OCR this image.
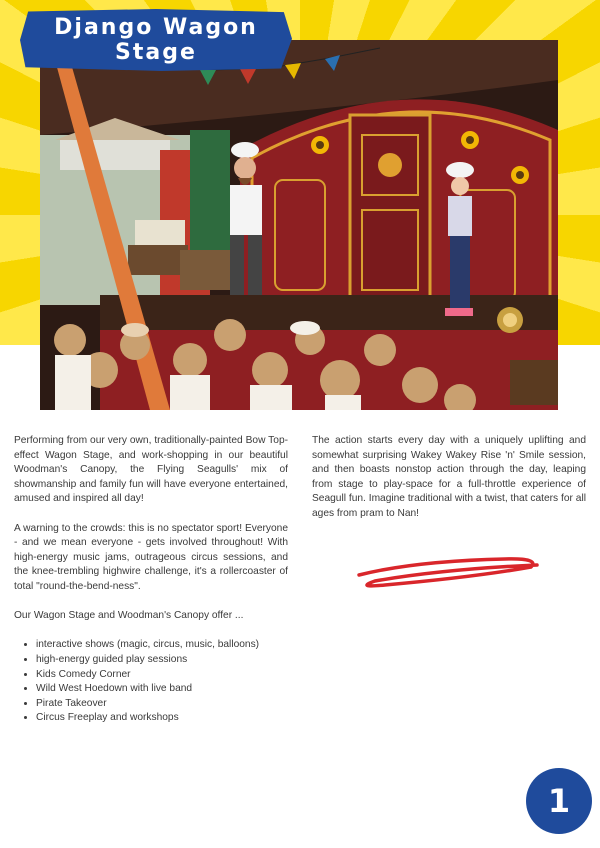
Django Wagon
Stage

Performing from our very own, traditionally-painted Bow Top-effect Wagon Stage, and work-shopping in our beautiful Woodman's Canopy, the Flying Seagulls' mix of showmanship and family fun will have everyone entertained, amused and inspired all day!

A warning to the crowds: this is no spectator sport! Everyone - and we mean everyone - gets involved throughout! With high-energy music jams, outrageous circus sessions, and the knee-trembling highwire challenge, it's a rollercoaster of total "round-the-bend-ness".

Our Wagon Stage and Woodman's Canopy offer ...

• interactive shows (magic, circus, music, balloons)
• high-energy guided play sessions
• Kids Comedy Corner
• Wild West Hoedown with live band
• Pirate Takeover
• Circus Freeplay and workshops

The action starts every day with a uniquely uplifting and somewhat surprising Wakey Wakey Rise 'n' Smile session, and then boasts nonstop action through the day, leaping from stage to play-space for a full-throttle experience of Seagull fun. Imagine traditional with a twist, that caters for all ages from pram to Nan!

1
